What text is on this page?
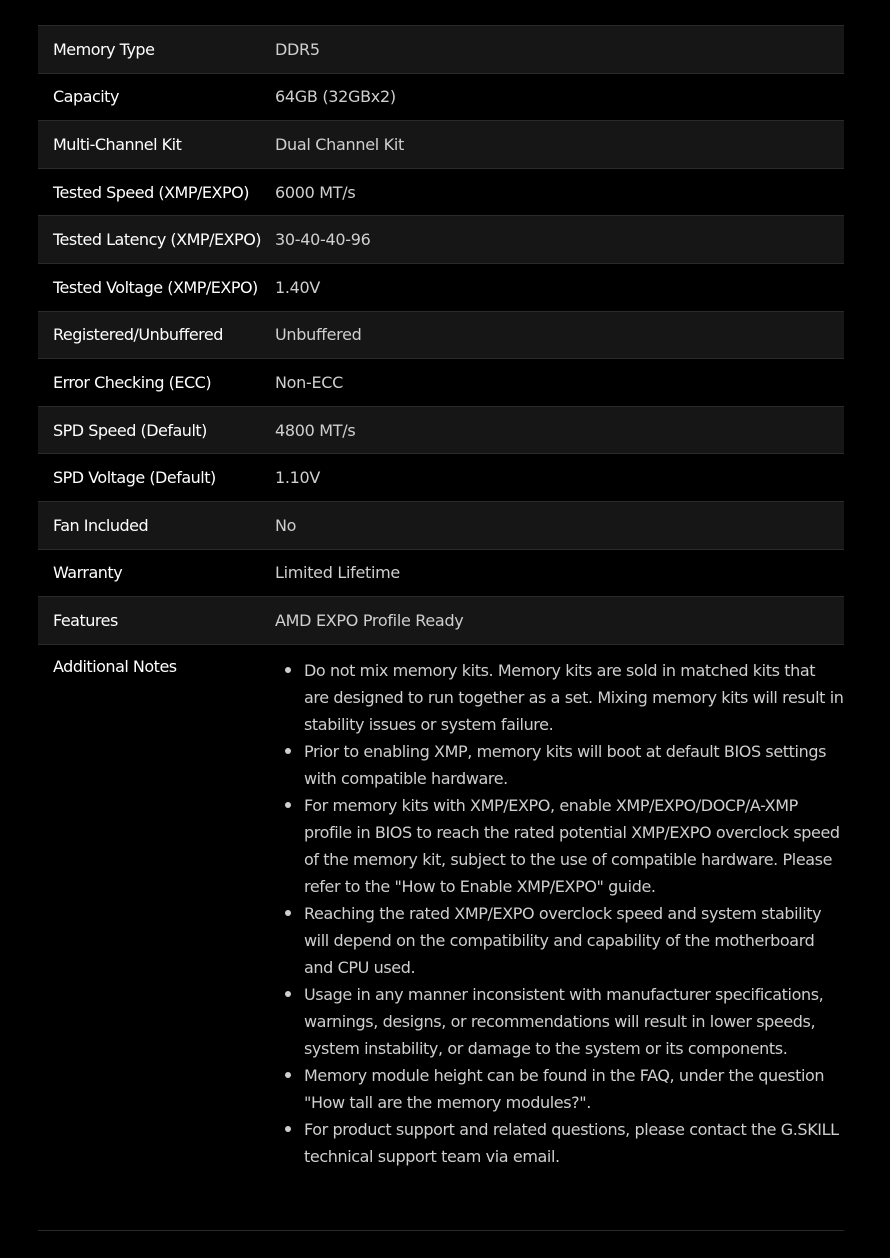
Memory Type	DDR5
Capacity	64GB (32GBx2)
Multi-Channel Kit	Dual Channel Kit
Tested Speed (XMP/EXPO)	6000 MT/s
Tested Latency (XMP/EXPO) 30-40-40-96
Tested Voltage (XMP/EXPO)	1.40V
Registered/Unbuffered	Unbuffered
Error Checking (ECC)	Non-ECC
SPD Speed (Default)	4800 MT/s
SPD Voltage (Default)	1.10V
Fan Included	No
Warranty	Limited Lifetime
Features	AMD EXPO Profile Ready
Additional Notes	Do not mix memory kits. Memory kits are sold in matched kits that are designed to run together as a set. Mixing memory kits will result in stability issues or system failure.
Prior to enabling XMP, memory kits will boot at default BIOS settings with compatible hardware.
For memory kits with XMP/EXPO, enable XMP/EXPO/DOCP/A-XMP profile in BIOS to reach the rated potential XMP/EXPO overclock speed of the memory kit, subject to the use of compatible hardware. Please refer to the "How to Enable XMP/EXPO" guide.
Reaching the rated XMP/EXPO overclock speed and system stability will depend on the compatibility and capability of the motherboard and CPU used.
Usage in any manner inconsistent with manufacturer specifications, warnings, designs, or recommendations will result in lower speeds, system instability, or damage to the system or its components.
Memory module height can be found in the FAQ, under the question "How tall are the memory modules?".
For product support and related questions, please contact the G.SKILL technical support team via email.
